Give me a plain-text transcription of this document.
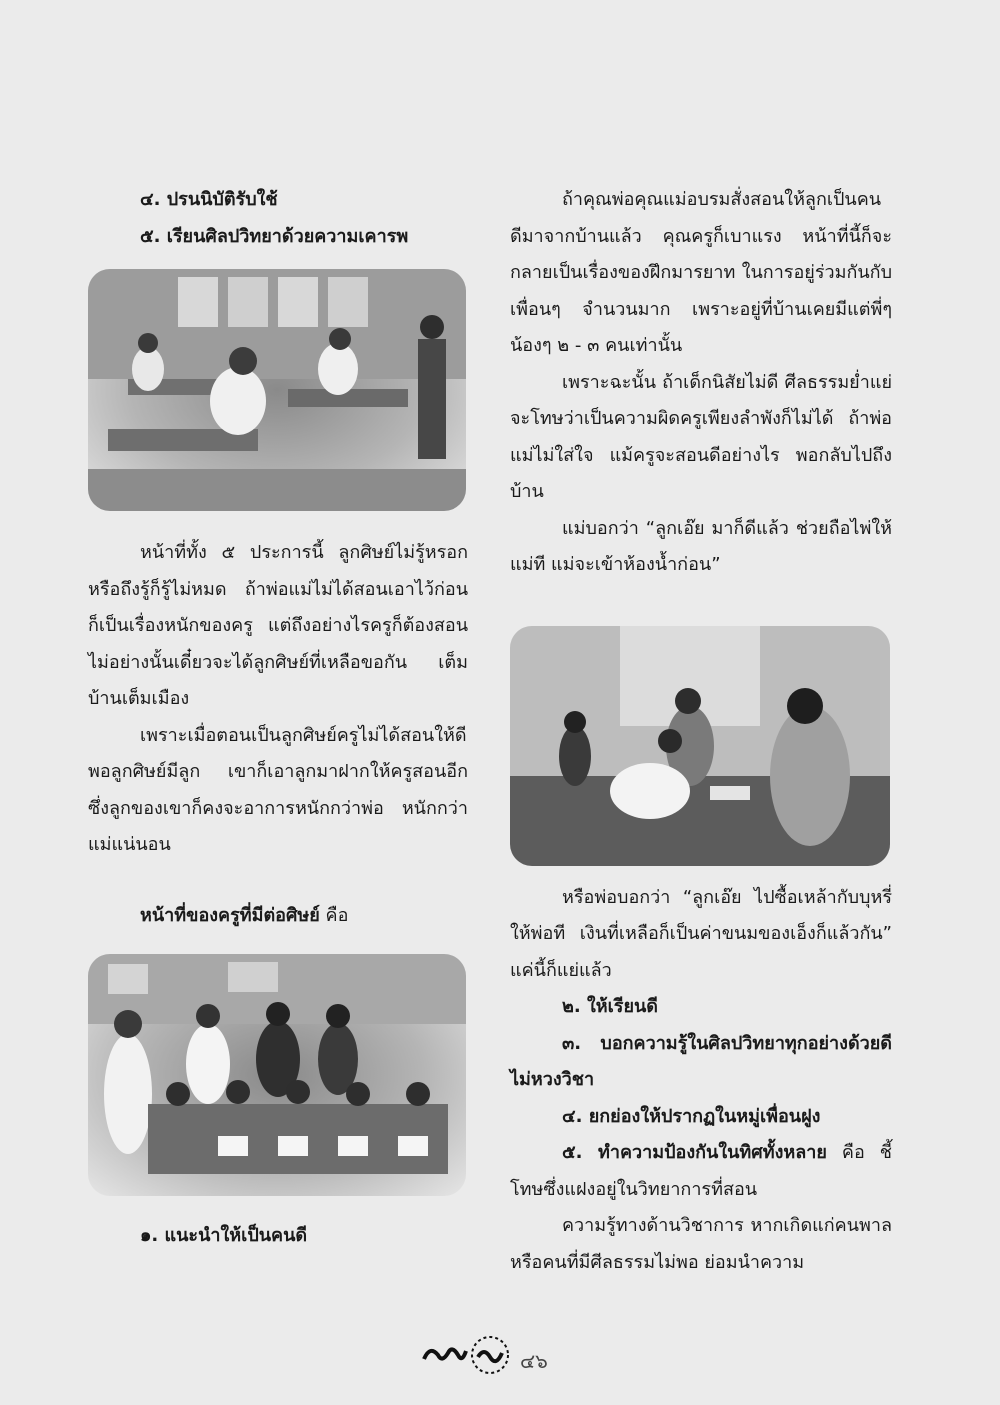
๔. ปรนนิบัติรับใช้

๕. เรียนศิลปวิทยาด้วยความเคารพ

หน้าที่ทั้ง ๕ ประการนี้ ลูกศิษย์ไม่รู้หรอก หรือถึงรู้ก็รู้ไม่หมด ถ้าพ่อแม่ไม่ได้สอนเอาไว้ก่อน ก็เป็นเรื่องหนักของครู แต่ถึงอย่างไรครูก็ต้องสอน ไม่อย่างนั้นเดี๋ยวจะได้ลูกศิษย์ที่เหลือขอกัน เต็มบ้านเต็มเมือง

เพราะเมื่อตอนเป็นลูกศิษย์ครูไม่ได้สอนให้ดี พอลูกศิษย์มีลูก เขาก็เอาลูกมาฝากให้ครูสอนอีก ซึ่งลูกของเขาก็คงจะอาการหนักกว่าพ่อ หนักกว่าแม่แน่นอน

หน้าที่ของครูที่มีต่อศิษย์ คือ

๑. แนะนำให้เป็นคนดี

ถ้าคุณพ่อคุณแม่อบรมสั่งสอนให้ลูกเป็นคน ดีมาจากบ้านแล้ว คุณครูก็เบาแรง หน้าที่นี้ก็จะกลายเป็นเรื่องของฝึกมารยาท ในการอยู่ร่วมกันกับเพื่อนๆ จำนวนมาก เพราะอยู่ที่บ้านเคยมีแต่พี่ๆ น้องๆ ๒ - ๓ คนเท่านั้น

เพราะฉะนั้น ถ้าเด็กนิสัยไม่ดี ศีลธรรมย่ำแย่ จะโทษว่าเป็นความผิดครูเพียงลำพังก็ไม่ได้ ถ้าพ่อแม่ไม่ใส่ใจ แม้ครูจะสอนดีอย่างไร พอกลับไปถึงบ้าน

แม่บอกว่า “ลูกเอ๊ย มาก็ดีแล้ว ช่วยถือไพ่ให้แม่ที แม่จะเข้าห้องน้ำก่อน”

หรือพ่อบอกว่า “ลูกเอ๊ย ไปซื้อเหล้ากับบุหรี่ให้พ่อที เงินที่เหลือก็เป็นค่าขนมของเอ็งก็แล้วกัน” แค่นี้ก็แย่แล้ว

๒. ให้เรียนดี

๓. บอกความรู้ในศิลปวิทยาทุกอย่างด้วยดี ไม่หวงวิชา

๔. ยกย่องให้ปรากฏในหมู่เพื่อนฝูง

๕. ทำความป้องกันในทิศทั้งหลาย คือ ชี้โทษซึ่งแฝงอยู่ในวิทยาการที่สอน

ความรู้ทางด้านวิชาการ หากเกิดแก่คนพาล หรือคนที่มีศีลธรรมไม่พอ ย่อมนำความ

๔๖
